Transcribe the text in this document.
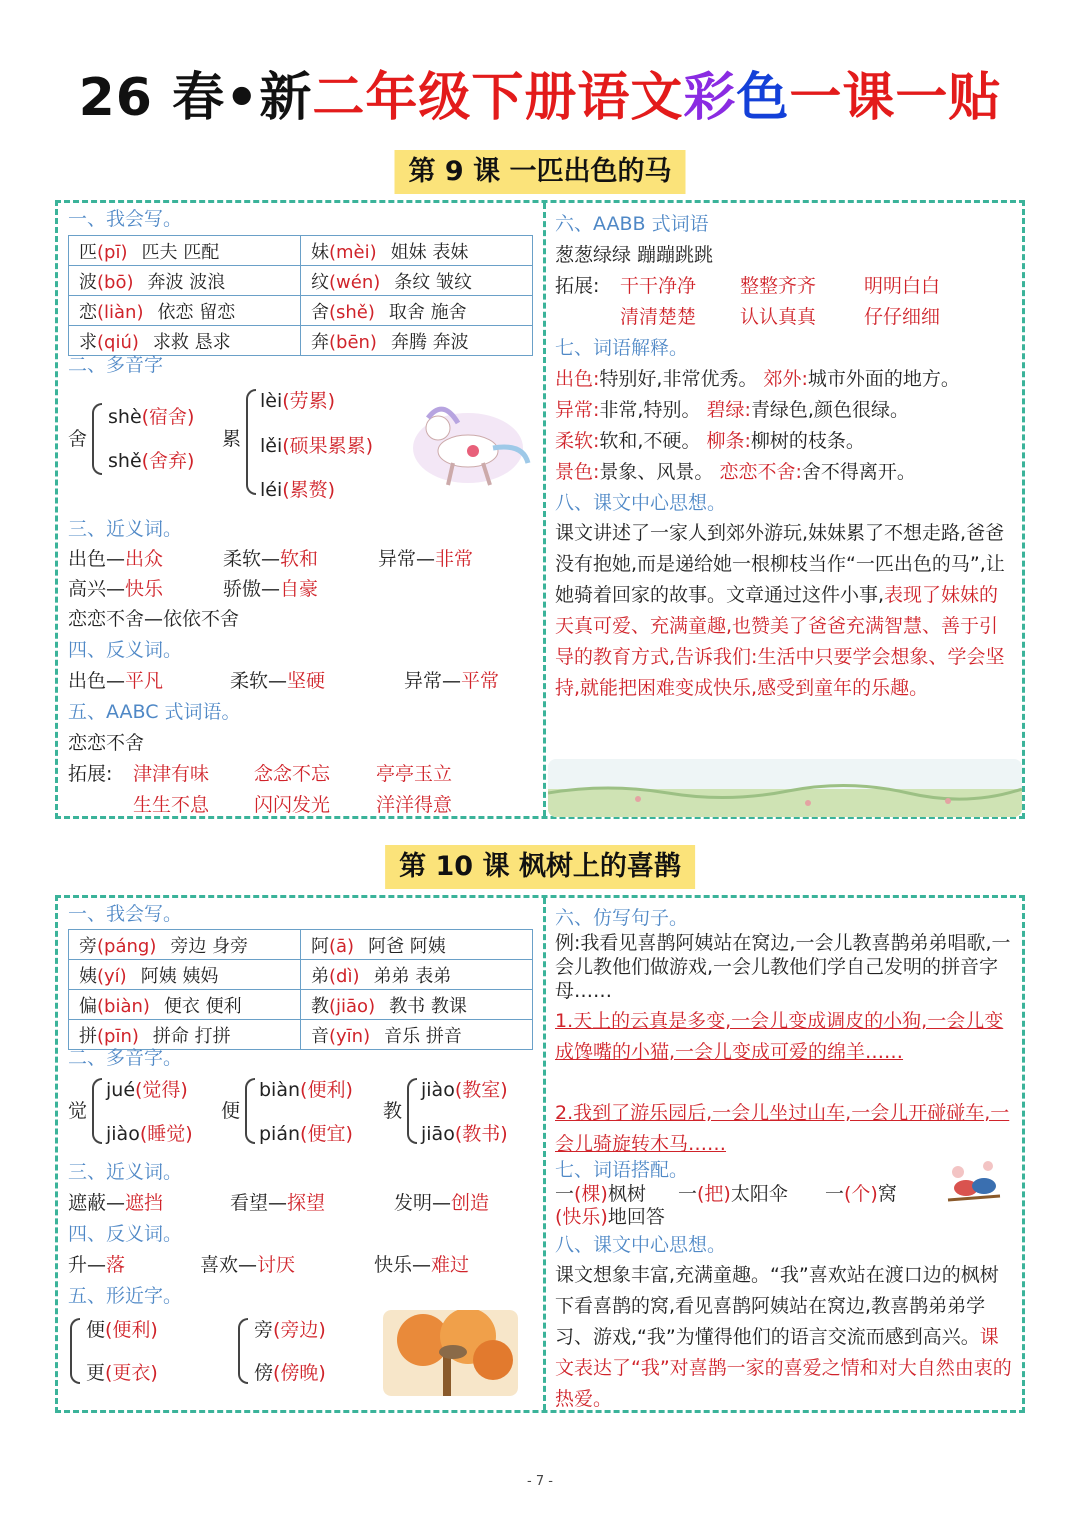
26 春•新二年级下册语文彩色一课一贴
第 9 课 一匹出色的马
一、我会写。
匹(pī) 匹夫 匹配	妹(mèi) 姐妹 表妹
波(bō) 奔波 波浪	纹(wén) 条纹 皱纹
恋(liàn) 依恋 留恋	舍(shě) 取舍 施舍
求(qiú) 求救 恳求	奔(bēn) 奔腾 奔波
二、多音字
舍
shè(宿舍)
shě(舍弃)
累
lèi(劳累)
lěi(硕果累累)
léi(累赘)
三、近义词。
出色—出众	柔软—软和	异常—非常
高兴—快乐	骄傲—自豪
恋恋不舍—依依不舍
四、反义词。
出色—平凡	柔软—坚硬	异常—平常
五、AABC 式词语。
恋恋不舍
拓展: 津津有味 念念不忘 亭亭玉立
生生不息 闪闪发光 洋洋得意
六、AABB 式词语
葱葱绿绿 蹦蹦跳跳
拓展: 干干净净 整整齐齐	明明白白
清清楚楚 认认真真	仔仔细细
七、词语解释。
出色:特别好,非常优秀。 郊外:城市外面的地方。
异常:非常,特别。 碧绿:青绿色,颜色很绿。
柔软:软和,不硬。 柳条:柳树的枝条。
景色:景象、风景。 恋恋不舍:舍不得离开。
八、课文中心思想。
课文讲述了一家人到郊外游玩,妹妹累了不想走路,爸爸没有抱她,而是递给她一根柳枝当作“一匹出色的马”,让她骑着回家的故事。文章通过这件小事,表现了妹妹的天真可爱、充满童趣,也赞美了爸爸充满智慧、善于引导的教育方式,告诉我们:生活中只要学会想象、学会坚持,就能把困难变成快乐,感受到童年的乐趣。
第 10 课 枫树上的喜鹊
一、我会写。
旁(páng) 旁边 身旁	阿(ā) 阿爸 阿姨
姨(yí) 阿姨 姨妈	弟(dì) 弟弟 表弟
偏(biàn) 便衣 便利	教(jiāo) 教书 教课
拼(pīn) 拼命 打拼	音(yīn) 音乐 拼音
二、多音字。
觉
jué(觉得)
jiào(睡觉)
便
biàn(便利)
pián(便宜)
教
jiào(教室)
jiāo(教书)
三、近义词。
遮蔽—遮挡	看望—探望	发明—创造
四、反义词。
升—落	喜欢—讨厌	快乐—难过
五、形近字。
便(便利)
更(更衣)
旁(旁边)
傍(傍晚)
六、仿写句子。
例:我看见喜鹊阿姨站在窝边,一会儿教喜鹊弟弟唱歌,一会儿教他们做游戏,一会儿教他们学自己发明的拼音字母……
1.天上的云真是多变,一会儿变成调皮的小狗,一会儿变成馋嘴的小猫,一会儿变成可爱的绵羊……
2.我到了游乐园后,一会儿坐过山车,一会儿开碰碰车,一会儿骑旋转木马……
七、词语搭配。
一(棵)枫树 一(把)太阳伞 一(个)窝
(快乐)地回答
八、课文中心思想。
课文想象丰富,充满童趣。“我”喜欢站在渡口边的枫树下看喜鹊的窝,看见喜鹊阿姨站在窝边,教喜鹊弟弟学习、游戏,“我”为懂得他们的语言交流而感到高兴。课文表达了“我”对喜鹊一家的喜爱之情和对大自然由衷的热爱。
- 7 -
